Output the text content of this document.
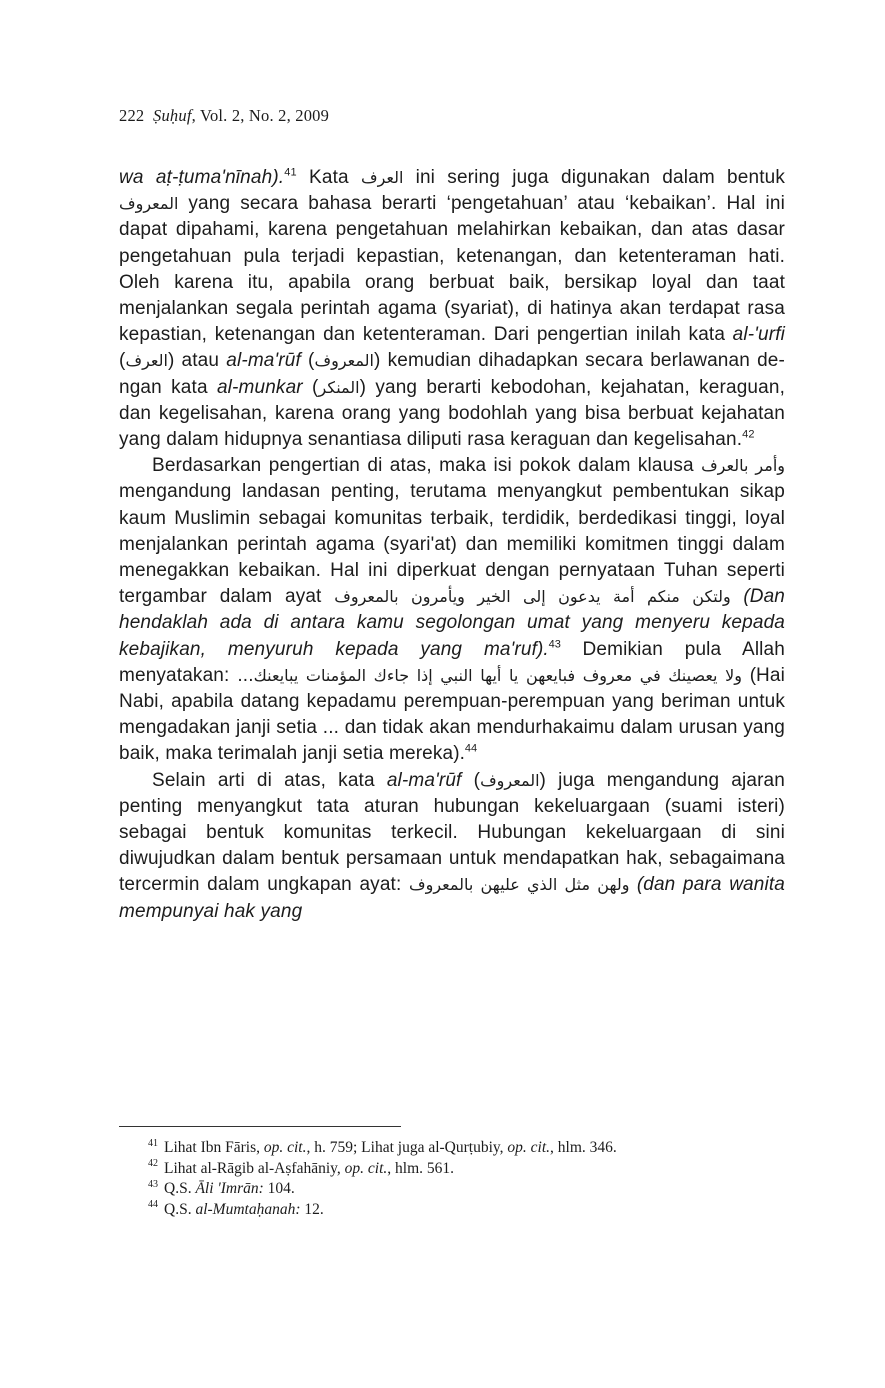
222 Ṣuḥuf, Vol. 2, No. 2, 2009

wa aṭ-ṭuma'nīnah).$^{41}$ Kata العرف ini sering juga digunakan dalam bentuk المعروف yang secara bahasa berarti ‘pengetahuan’ atau ‘kebaikan’. Hal ini dapat dipahami, karena pengetahuan melahirkan kebaikan, dan atas dasar pengetahuan pula terjadi kepastian, ketenangan, dan ketenteraman hati. Oleh karena itu, apabila orang berbuat baik, bersikap loyal dan taat menjalankan segala perintah agama (syariat), di hatinya akan terdapat rasa kepastian, ketenangan dan ketenteraman. Dari pengertian inilah kata al-'urfi (العرف) atau al-ma'rūf (المعروف) kemudian dihadapkan secara berlawanan de-ngan kata al-munkar (المنكر) yang berarti kebodohan, kejahatan, keraguan, dan kegelisahan, karena orang yang bodohlah yang bisa berbuat kejahatan yang dalam hidupnya senantiasa diliputi rasa keraguan dan kegelisahan.$^{42}$

Berdasarkan pengertian di atas, maka isi pokok dalam klausa وأمر بالعرف mengandung landasan penting, terutama menyangkut pembentukan sikap kaum Muslimin sebagai komunitas terbaik, terdidik, berdedikasi tinggi, loyal menjalankan perintah agama (syari'at) dan memiliki komitmen tinggi dalam menegakkan kebaikan. Hal ini diperkuat dengan pernyataan Tuhan seperti tergambar dalam ayat ولتكن منكم أمة يدعون إلى الخير ويأمرون بالمعروف (Dan hendaklah ada di antara kamu segolongan umat yang menyeru kepada kebajikan, menyuruh kepada yang ma'ruf).$^{43}$ Demikian pula Allah menyatakan: ...يا أيها النبي إذا جاءك المؤمنات يبايعنك ولا يعصينك في معروف فبايعهن (Hai Nabi, apabila datang kepadamu perempuan-perempuan yang beriman untuk mengadakan janji setia ... dan tidak akan mendurhakaimu dalam urusan yang baik, maka terimalah janji setia mereka).$^{44}$

Selain arti di atas, kata al-ma'rūf (المعروف) juga mengandung ajaran penting menyangkut tata aturan hubungan kekeluargaan (suami isteri) sebagai bentuk komunitas terkecil. Hubungan kekeluargaan di sini diwujudkan dalam bentuk persamaan untuk mendapatkan hak, sebagaimana tercermin dalam ungkapan ayat: ولهن مثل الذي عليهن بالمعروف (dan para wanita mempunyai hak yang

$^{41}$ Lihat Ibn Fāris, op. cit., h. 759; Lihat juga al-Qurṭubiy, op. cit., hlm. 346.

$^{42}$ Lihat al-Rāgib al-Aṣfahāniy, op. cit., hlm. 561.

$^{43}$ Q.S. Āli 'Imrān: 104.

$^{44}$ Q.S. al-Mumtaḥanah: 12.
